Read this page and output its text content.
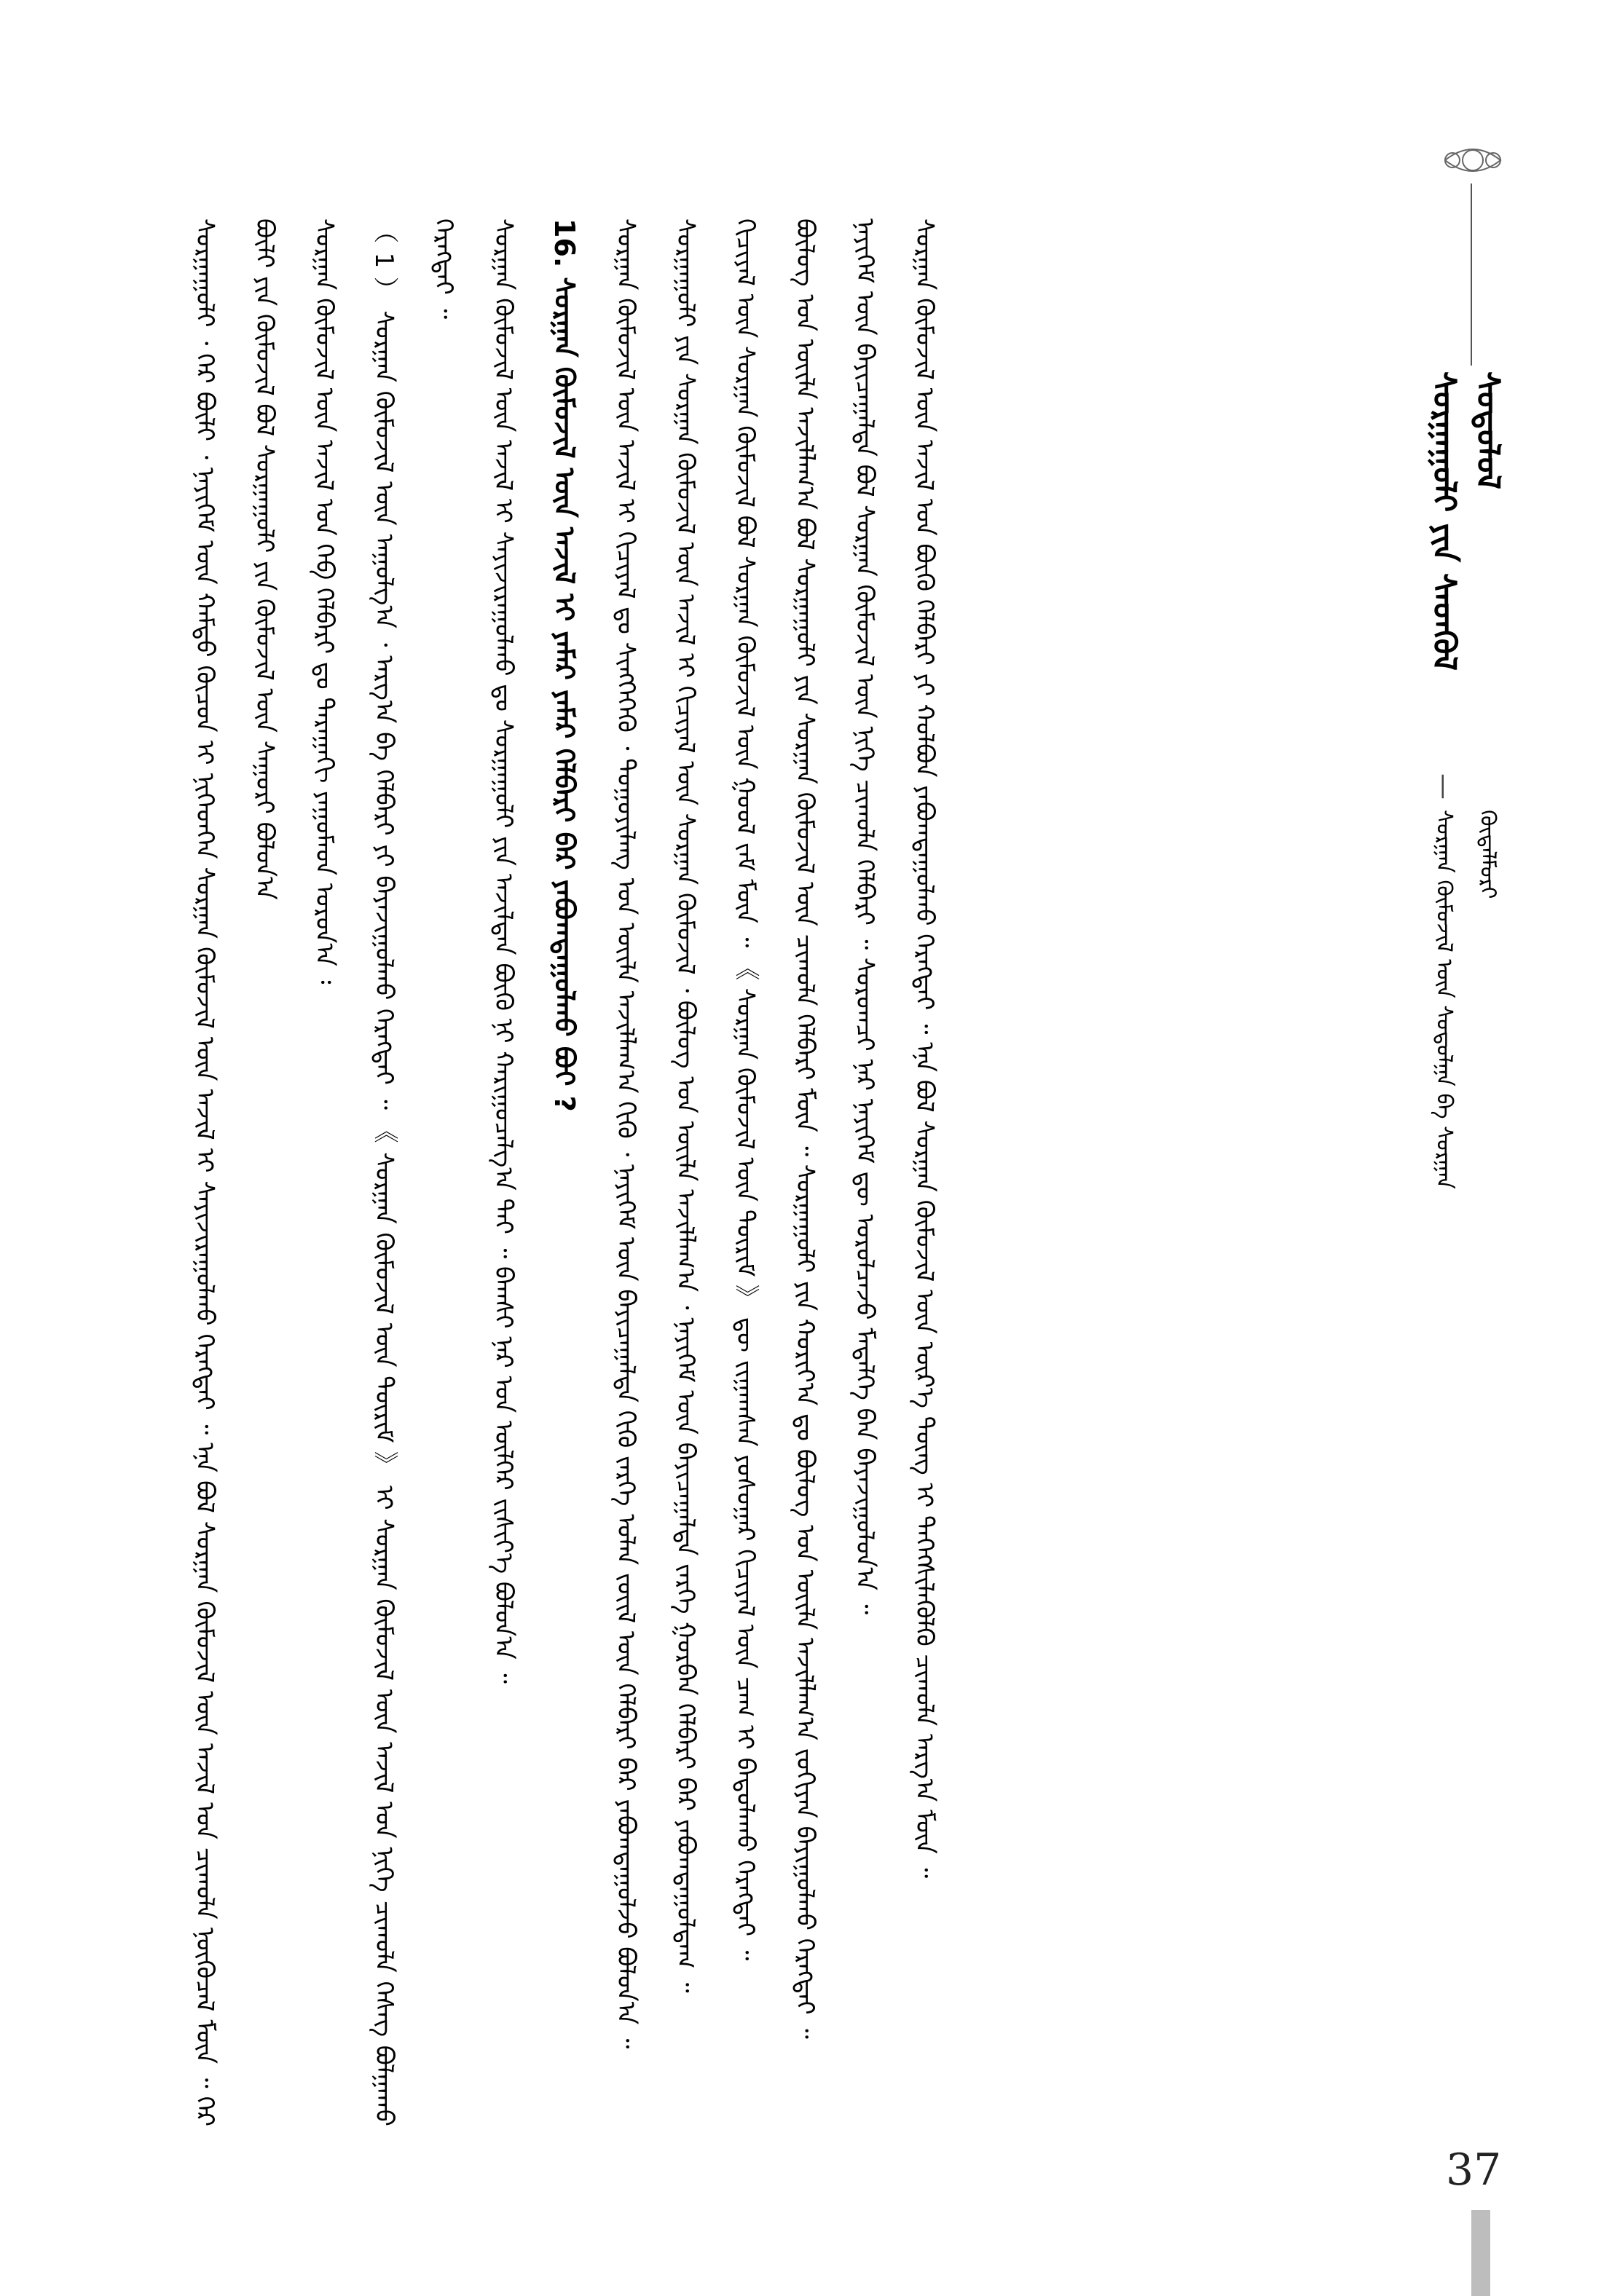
ᠰᠤᠷᠭᠠᠭᠤᠯᠢ ᠶᠢᠨ ᠰᠡᠳᠬᠦᠯ ᠰᠤᠳᠤᠯᠤᠯ
—
ᠰᠤᠷᠭᠠᠨ ᠬᠦᠮᠦᠵᠢᠯ ᠦᠨ ᠰᠤᠳᠤᠯᠭᠠ ᠪᠠ ᠰᠤᠷᠭᠠᠨ ᠬᠥᠳᠡᠯᠮᠦᠷᠢ

ᠰᠤᠷᠭᠠᠭᠤᠯᠢ ᠂ ᠭᠡᠷ ᠪᠦᠯᠢ ᠂ ᠨᠡᠶᠢᠭᠡᠮ ᠦᠨ ᠬᠠᠮᠲᠤ ᠬᠦᠴᠦᠨ ᠢ ᠨᠢᠭᠡᠳᠭᠡᠨ ᠰᠤᠷᠭᠠᠨ ᠬᠦᠮᠦᠵᠢᠯ ᠦᠨ ᠠᠵᠢᠯ ᠢ ᠰᠠᠶᠢᠵᠢᠷᠠᠭᠤᠯᠬᠤ ᠬᠡᠷᠡᠭᠲᠡᠢ ᠃ ᠡᠨᠡ ᠪᠣᠯ ᠰᠤᠷᠭᠠᠨ ᠬᠦᠮᠦᠵᠢᠯ ᠦᠨ ᠠᠵᠢᠯ ᠤᠨ ᠴᠢᠬᠤᠯᠠ ᠨᠥᠬᠦᠴᠡᠯ ᠮᠥᠨ ᠃ ᠭᠡᠷ ᠪᠦᠯᠢ ᠶᠢᠨ ᠬᠦᠮᠦᠵᠢᠯ ᠪᠣᠯ ᠰᠤᠷᠭᠠᠭᠤᠯᠢ ᠶᠢᠨ ᠬᠦᠮᠦᠵᠢᠯ ᠦᠨ ᠰᠠᠭᠤᠷᠢ ᠪᠣᠯᠤᠨ᠎ᠠ	ᠰᠤᠷᠭᠠᠨ ᠬᠦᠮᠦᠵᠢᠯ ᠦᠨ ᠠᠵᠢᠯ ᠤᠨ ᠬᠡᠪ ᠬᠡᠯᠪᠡᠷᠢ ᠳᠤ ᠳᠠᠷᠠᠭᠠᠬᠢ ᠶᠠᠭᠤᠮᠠᠳ ᠣᠷᠣᠨ᠎ᠠ ᠄	（ 1 ） ᠰᠤᠷᠭᠠᠨ ᠬᠦᠮᠦᠵᠢᠯ ᠦᠨ ᠠᠭᠤᠯᠭ᠎ᠠ ᠂ ᠠᠷᠭ᠎ᠠ ᠪᠠ ᠬᠡᠯᠪᠡᠷᠢ ᠶᠢ ᠪᠠᠶᠠᠵᠢᠭᠤᠯᠬᠤ ᠬᠡᠷᠡᠭᠲᠡᠢ ᠃ 《 ᠰᠤᠷᠭᠠᠨ ᠬᠦᠮᠦᠵᠢᠯ ᠦᠨ ᠳᠦᠷᠢᠮ 》 ᠢ ᠰᠤᠷᠭᠠᠨ ᠬᠦᠮᠦᠵᠢᠯ ᠦᠨ ᠠᠵᠢᠯ ᠤᠨ ᠨᠢᠭᠡ ᠴᠢᠬᠤᠯᠠ ᠬᠡᠰᠡᠭ ᠪᠣᠯᠭᠠᠬᠤ ᠬᠡᠷᠡᠭᠲᠡᠢ ᠃	ᠰᠤᠷᠭᠠᠨ ᠬᠦᠮᠦᠵᠢᠯ ᠦᠨ ᠠᠵᠢᠯ ᠢ ᠰᠠᠶᠢᠵᠢᠷᠠᠭᠤᠯᠬᠤ ᠳᠤ ᠰᠤᠷᠭᠠᠭᠤᠯᠢ ᠶᠢᠨ ᠠᠵᠢᠯᠲᠠᠨ ᠪᠦᠬᠦ ᠨᠢ ᠬᠠᠷᠢᠭᠤᠴᠠᠯᠭ᠎ᠠ ᠲᠠᠢ ᠃ ᠪᠠᠭᠰᠢ ᠨᠠᠷ ᠤᠨ ᠦᠯᠭᠡᠷ ᠵᠢᠱᠢᠶ᠎ᠡ ᠪᠣᠯᠤᠨ᠎ᠠ ᠃	16. ᠰᠤᠷᠭᠠᠨ ᠬᠦᠮᠦᠵᠢᠯ ᠦᠨ ᠠᠵᠢᠯ ᠢ ᠶᠠᠮᠠᠷ ᠶᠠᠮᠠᠷ ᠬᠡᠯᠪᠡᠷᠢ ᠪᠡᠷ ᠶᠠᠪᠤᠭᠳᠠᠭᠤᠯᠬᠤ ᠪᠤᠢ ?	ᠰᠤᠷᠭᠠᠨ ᠬᠦᠮᠦᠵᠢᠯ ᠦᠨ ᠠᠵᠢᠯ ᠢ ᠬᠢᠴᠢᠶᠡᠯ ᠳᠤ ᠰᠢᠩᠭᠡᠭᠡᠬᠦ ᠂ ᠳᠤᠭᠤᠶᠢᠯᠠᠩ ᠤᠨ ᠦᠢᠯᠡ ᠠᠵᠢᠯᠯᠠᠭ᠎ᠠ ᠬᠢᠬᠦ ᠂ ᠨᠡᠶᠢᠭᠡᠮ ᠦᠨ ᠪᠠᠶᠢᠴᠠᠭᠠᠯᠲᠠ ᠬᠢᠬᠦ ᠵᠡᠷᠭᠡ ᠣᠯᠠᠨ ᠵᠦᠢᠯ ᠦᠨ ᠬᠡᠯᠪᠡᠷᠢ ᠪᠡᠷ ᠶᠠᠪᠤᠭᠳᠠᠭᠤᠯᠵᠤ ᠪᠣᠯᠤᠨ᠎ᠠ ᠃	ᠰᠤᠷᠭᠠᠭᠤᠯᠢ ᠶᠢᠨ ᠰᠤᠷᠭᠠᠨ ᠬᠦᠮᠦᠵᠢᠯ ᠦᠨ ᠠᠵᠢᠯ ᠢ ᠬᠢᠴᠢᠶᠡᠯ ᠦᠨ ᠰᠤᠷᠭᠠᠨ ᠬᠦᠮᠦᠵᠢᠯ ᠂ ᠪᠦᠯᠦᠭ ᠤᠨ ᠦᠢᠯᠡ ᠠᠵᠢᠯᠯᠠᠭ᠎ᠠ ᠂ ᠨᠡᠶᠢᠭᠡᠮ ᠦᠨ ᠪᠠᠶᠢᠴᠠᠭᠠᠯᠲᠠ ᠵᠡᠷᠭᠡ ᠭᠤᠷᠪᠠᠨ ᠬᠡᠯᠪᠡᠷᠢ ᠪᠡᠷ ᠶᠠᠪᠤᠭᠳᠠᠭᠤᠯᠳᠠᠭ ᠃	ᠬᠢᠴᠢᠶᠡᠯ ᠦᠨ ᠰᠤᠷᠭᠠᠨ ᠬᠦᠮᠦᠵᠢᠯ ᠪᠣᠯ ᠰᠤᠷᠭᠠᠨ ᠬᠦᠮᠦᠵᠢᠯ ᠦᠨ ᠭᠣᠣᠯ ᠵᠠᠮ ᠮᠥᠨ ᠃ 《 ᠰᠤᠷᠭᠠᠨ ᠬᠦᠮᠦᠵᠢᠯ ᠦᠨ ᠳᠦᠷᠢᠮ 》 ᠳᠦ ᠵᠢᠭᠠᠭᠰᠠᠨ ᠶᠣᠰᠣᠭᠠᠷ ᠬᠢᠴᠢᠶᠡᠯ ᠦᠨ ᠴᠠᠭ ᠢ ᠪᠠᠲᠤᠯᠠᠬᠤ ᠬᠡᠷᠡᠭᠲᠡᠢ ᠃	ᠪᠦᠯᠦᠭ ᠤᠨ ᠦᠢᠯᠡ ᠠᠵᠢᠯᠯᠠᠭ᠎ᠠ ᠪᠣᠯ ᠰᠤᠷᠭᠠᠭᠤᠯᠢ ᠶᠢᠨ ᠰᠤᠷᠭᠠᠨ ᠬᠦᠮᠦᠵᠢᠯ ᠦᠨ ᠴᠢᠬᠤᠯᠠ ᠬᠡᠯᠪᠡᠷᠢ ᠮᠥᠨ ᠃ ᠰᠤᠷᠭᠠᠭᠤᠯᠢ ᠶᠢᠨ ᠬᠣᠷᠢᠶ᠎ᠠ ᠳᠤ ᠪᠦᠯᠦᠭ ᠤᠨ ᠦᠢᠯᠡ ᠠᠵᠢᠯᠯᠠᠭ᠎ᠠ ᠵᠣᠬᠢᠶᠠᠨ ᠪᠠᠶᠢᠭᠤᠯᠬᠤ ᠬᠡᠷᠡᠭᠲᠡᠢ ᠃	ᠨᠡᠶᠢᠭᠡᠮ ᠦᠨ ᠪᠠᠶᠢᠴᠠᠭᠠᠯᠲᠠ ᠪᠣᠯ ᠰᠤᠷᠭᠠᠨ ᠬᠦᠮᠦᠵᠢᠯ ᠦᠨ ᠨᠢᠭᠡ ᠴᠢᠬᠤᠯᠠ ᠬᠡᠯᠪᠡᠷᠢ ᠃ ᠰᠤᠷᠤᠭᠴᠢ ᠨᠠᠷ ᠨᠡᠶᠢᠭᠡᠮ ᠳᠦ ᠣᠷᠣᠯᠴᠠᠵᠤ ᠮᠡᠳᠡᠯᠭᠡ ᠪᠡᠨ ᠪᠠᠶᠠᠵᠢᠭᠤᠯᠤᠨ᠎ᠠ ᠃	ᠰᠤᠷᠭᠠᠨ ᠬᠦᠮᠦᠵᠢᠯ ᠦᠨ ᠠᠵᠢᠯ ᠤᠨ ᠪᠦᠬᠦ ᠬᠡᠯᠪᠡᠷᠢ ᠶᠢ ᠬᠣᠯᠪᠤᠨ ᠶᠠᠪᠤᠭᠳᠠᠭᠤᠯᠬᠤ ᠬᠡᠷᠡᠭᠲᠡᠢ ᠃ ᠡᠨᠡ ᠪᠣᠯ ᠰᠤᠷᠭᠠᠨ ᠬᠦᠮᠦᠵᠢᠯ ᠦᠨ ᠦᠷ᠎ᠡ ᠳᠦᠩ ᠢ ᠳᠡᠭᠡᠭᠰᠢᠯᠡᠭᠦᠯᠬᠦ ᠴᠢᠬᠤᠯᠠ ᠠᠷᠭ᠎ᠠ ᠮᠥᠨ ᠃

37
